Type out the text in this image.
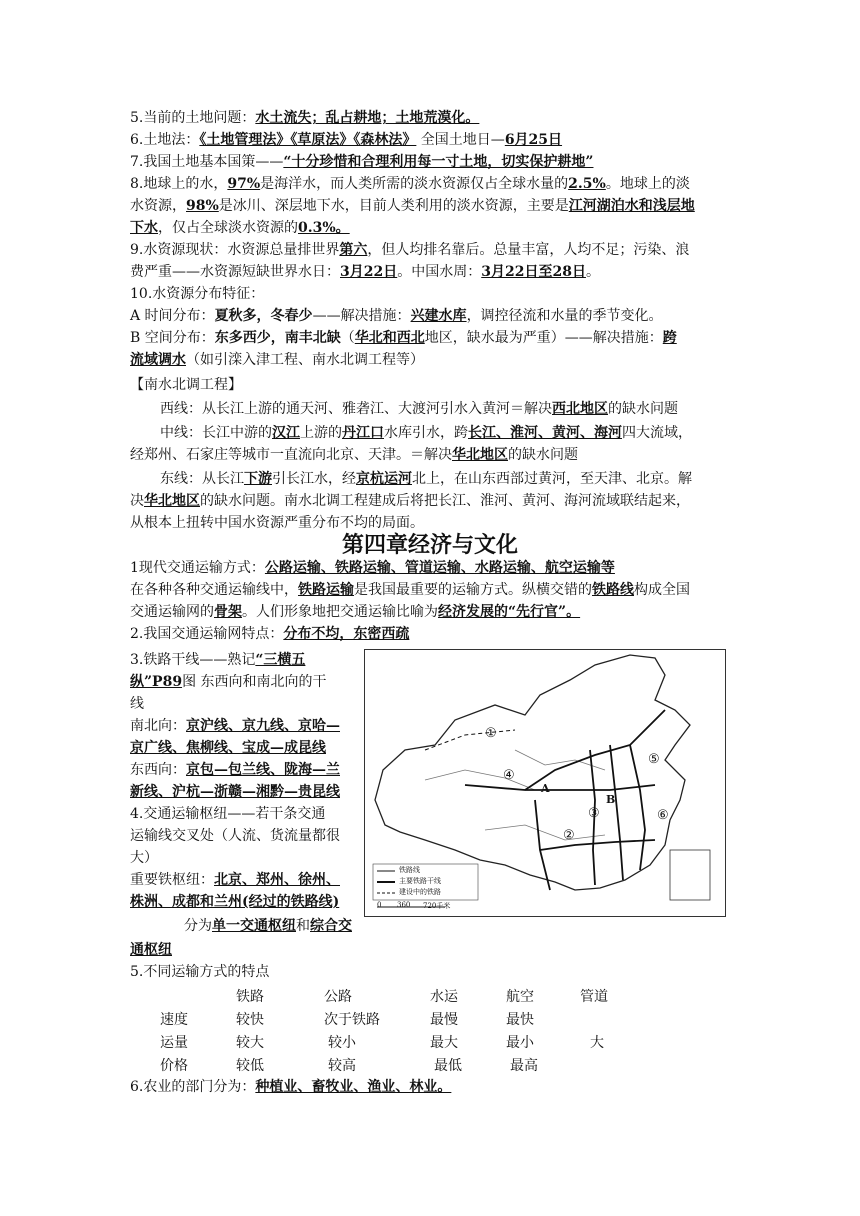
5.当前的土地问题：水土流失；乱占耕地；土地荒漠化。
6.土地法：《土地管理法》《草原法》《森林法》 全国土地日—6月25日
7.我国土地基本国策——“十分珍惜和合理利用每一寸土地，切实保护耕地”
8.地球上的水，97%是海洋水，而人类所需的淡水资源仅占全球水量的2.5%。地球上的淡
水资源，98%是冰川、深层地下水，目前人类利用的淡水资源，主要是江河湖泊水和浅层地
下水，仅占全球淡水资源的0.3%。
9.水资源现状：水资源总量排世界第六，但人均排名靠后。总量丰富，人均不足；污染、浪
费严重——水资源短缺世界水日：3月22日。中国水周：3月22日至28日。
10.水资源分布特征：
A 时间分布：夏秋多，冬春少——解决措施：兴建水库，调控径流和水量的季节变化。
B 空间分布：东多西少，南丰北缺（华北和西北地区，缺水最为严重）——解决措施：跨
流域调水（如引滦入津工程、南水北调工程等）
【南水北调工程】
西线：从长江上游的通天河、雅砻江、大渡河引水入黄河＝解决西北地区的缺水问题
中线：长江中游的汉江上游的丹江口水库引水，跨长江、淮河、黄河、海河四大流域，
经郑州、石家庄等城市一直流向北京、天津。＝解决华北地区的缺水问题
东线：从长江下游引长江水，经京杭运河北上，在山东西部过黄河，至天津、北京。解
决华北地区的缺水问题。南水北调工程建成后将把长江、淮河、黄河、海河流域联结起来，
从根本上扭转中国水资源严重分布不均的局面。
第四章经济与文化
1现代交通运输方式：公路运输、铁路运输、管道运输、水路运输、航空运输等
在各种各种交通运输线中，铁路运输是我国最重要的运输方式。纵横交错的铁路线构成全国
交通运输网的骨架。人们形象地把交通运输比喻为经济发展的“先行官”。
2.我国交通运输网特点：分布不均，东密西疏
3.铁路干线——熟记“三横五
纵”P89图 东西向和南北向的干
线
南北向：京沪线、京九线、京哈—
京广线、焦柳线、宝成—成昆线
东西向：京包—包兰线、陇海—兰
新线、沪杭—浙赣—湘黔—贵昆线
4.交通运输枢纽——若干条交通
运输线交叉处（人流、货流量都很
大）
重要铁枢纽：北京、郑州、徐州、
株洲、成都和兰州(经过的铁路线)
分为单一交通枢纽和综合交
通枢纽
①
②
③
④
⑤
⑥
A
B
铁路线
主要铁路干线
建设中的铁路
0 360 720千米
5.不同运输方式的特点
铁路	公路	水运	航空	管道
速度	较快	次于铁路	最慢	最快
运量	较大	较小	最大	最小	大
价格	较低	较高	最低	最高
6.农业的部门分为：种植业、畜牧业、渔业、林业。
